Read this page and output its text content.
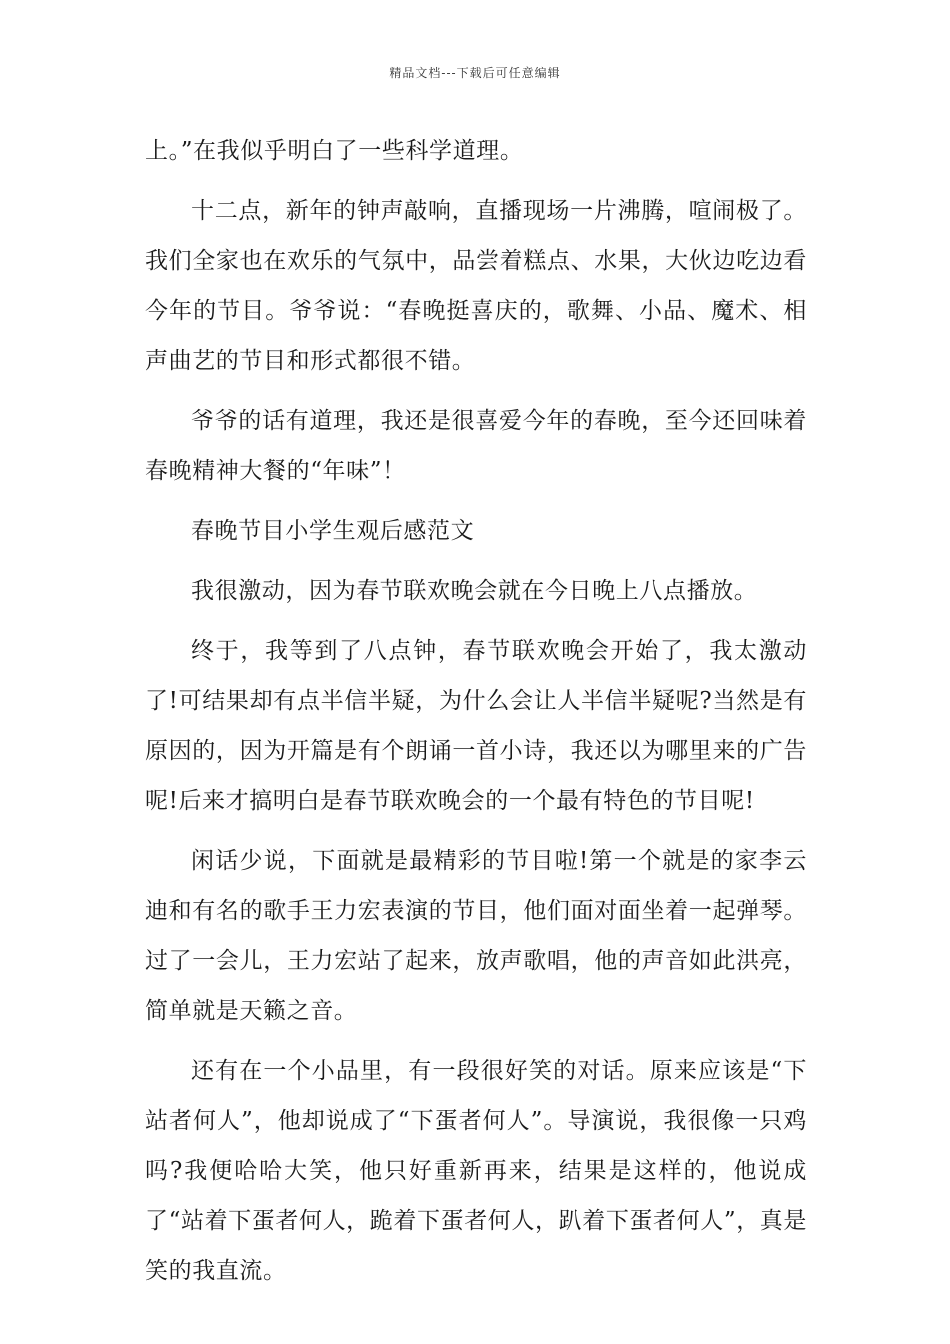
精品文档---下载后可任意编辑

上。”在我似乎明白了一些科学道理。

十二点，新年的钟声敲响，直播现场一片沸腾，喧闹极了。我们全家也在欢乐的气氛中，品尝着糕点、水果，大伙边吃边看今年的节目。爷爷说：“春晚挺喜庆的，歌舞、小品、魔术、相声曲艺的节目和形式都很不错。

爷爷的话有道理，我还是很喜爱今年的春晚，至今还回味着春晚精神大餐的“年味”！

春晚节目小学生观后感范文

我很激动，因为春节联欢晚会就在今日晚上八点播放。

终于，我等到了八点钟，春节联欢晚会开始了，我太激动了!可结果却有点半信半疑，为什么会让人半信半疑呢?当然是有原因的，因为开篇是有个朗诵一首小诗，我还以为哪里来的广告呢!后来才搞明白是春节联欢晚会的一个最有特色的节目呢!

闲话少说，下面就是最精彩的节目啦!第一个就是的家李云迪和有名的歌手王力宏表演的节目，他们面对面坐着一起弹琴。过了一会儿，王力宏站了起来，放声歌唱，他的声音如此洪亮，简单就是天籁之音。

还有在一个小品里，有一段很好笑的对话。原来应该是“下站者何人”，他却说成了“下蛋者何人”。导演说，我很像一只鸡吗?我便哈哈大笑，他只好重新再来，结果是这样的，他说成了“站着下蛋者何人，跪着下蛋者何人，趴着下蛋者何人”，真是笑的我直流。
